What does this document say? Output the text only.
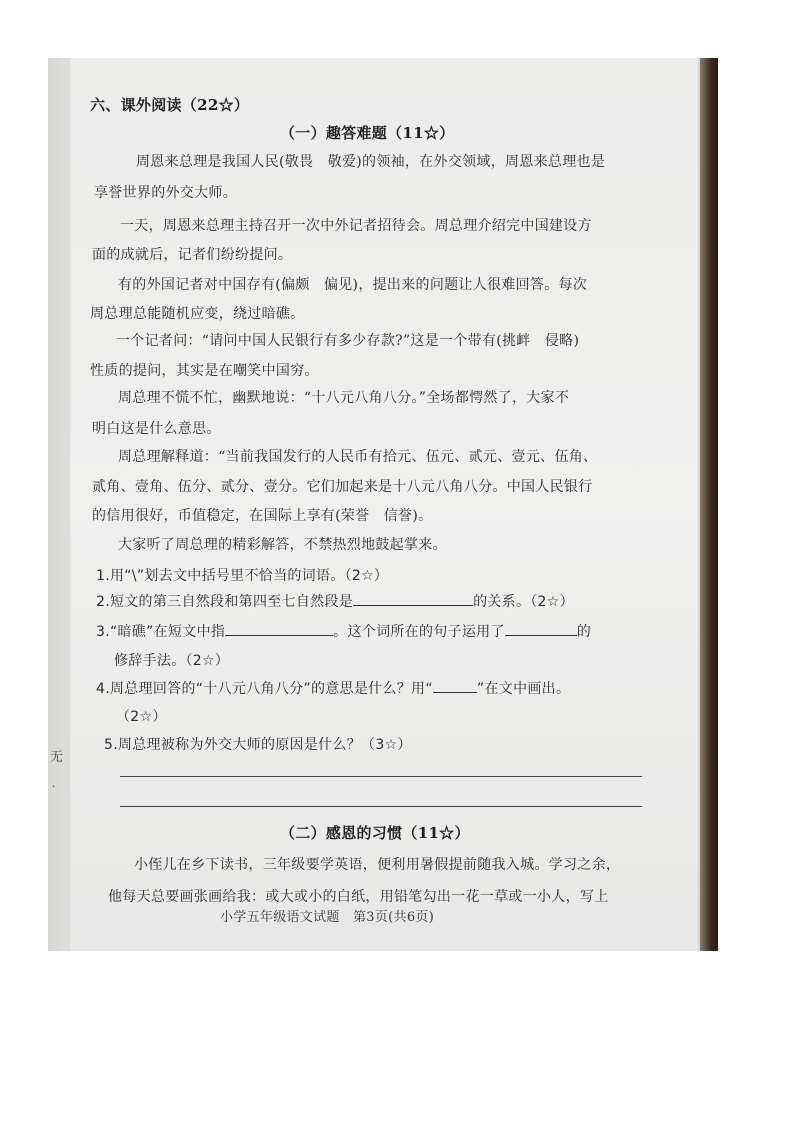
六、课外阅读（22☆）
（一）趣答难题（11☆）
周恩来总理是我国人民(敬畏　敬爱)的领袖，在外交领域，周恩来总理也是
享誉世界的外交大师。
一天，周恩来总理主持召开一次中外记者招待会。周总理介绍完中国建设方
面的成就后，记者们纷纷提问。
有的外国记者对中国存有(偏颇　偏见)，提出来的问题让人很难回答。每次
周总理总能随机应变，绕过暗礁。
一个记者问：“请问中国人民银行有多少存款?”这是一个带有(挑衅　侵略)
性质的提问，其实是在嘲笑中国穷。
周总理不慌不忙，幽默地说：“十八元八角八分。”全场都愕然了，大家不
明白这是什么意思。
周总理解释道：“当前我国发行的人民币有拾元、伍元、贰元、壹元、伍角、
贰角、壹角、伍分、贰分、壹分。它们加起来是十八元八角八分。中国人民银行
的信用很好，币值稳定，在国际上享有(荣誉　信誉)。
大家听了周总理的精彩解答，不禁热烈地鼓起掌来。
1.用“\”划去文中括号里不恰当的词语。（2☆）
2.短文的第三自然段和第四至七自然段是	的关系。（2☆）
3.“暗礁”在短文中指	。这个词所在的句子运用了	的
修辞手法。（2☆）
4.周总理回答的“十八元八角八分”的意思是什么？用“	”在文中画出。
（2☆）
5.周总理被称为外交大师的原因是什么？（3☆）
（二）感恩的习惯（11☆）
小侄儿在乡下读书，三年级要学英语，便利用暑假提前随我入城。学习之余，
他每天总要画张画给我：或大或小的白纸，用铅笔勾出一花一草或一小人，写上
小学五年级语文试题　第3页(共6页)
无
·
